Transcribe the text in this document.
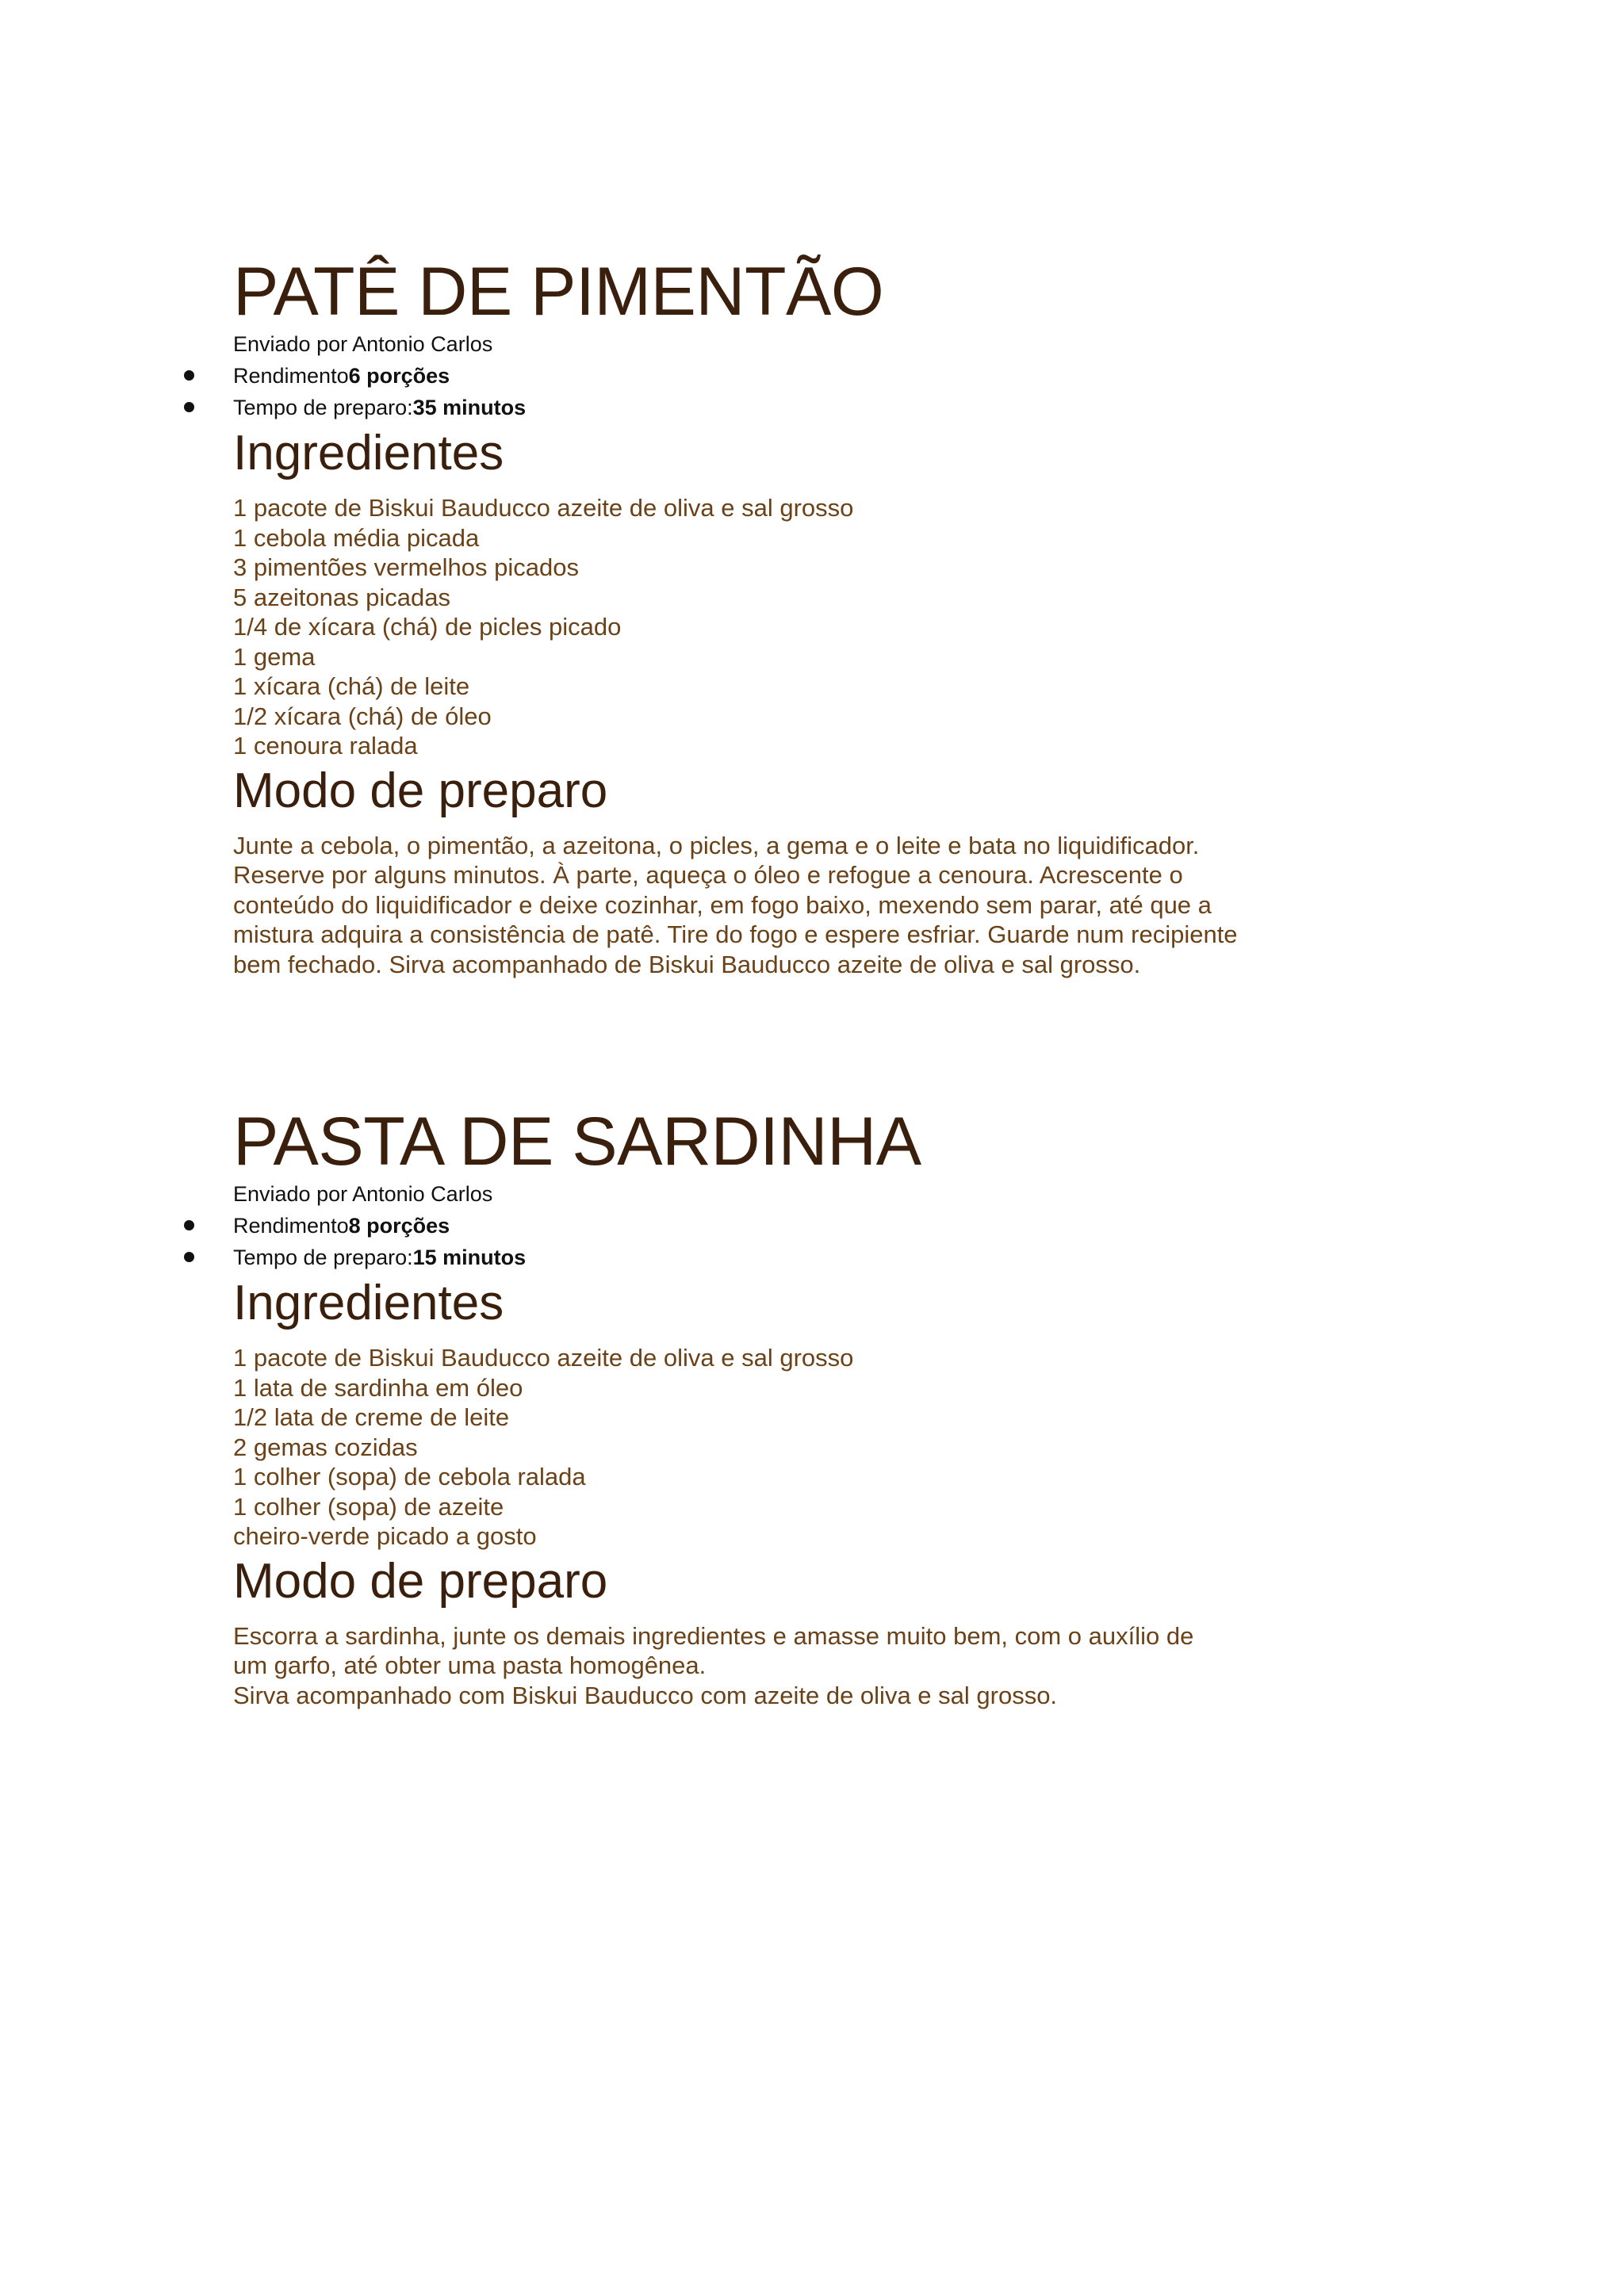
PATÊ DE PIMENTÃO

Enviado por Antonio Carlos

Rendimento6 porções
Tempo de preparo:35 minutos
Ingredientes
1 pacote de Biskui Bauducco azeite de oliva e sal grosso
1 cebola média picada
3 pimentões vermelhos picados
5 azeitonas picadas
1/4 de xícara (chá) de picles picado
1 gema
1 xícara (chá) de leite
1/2 xícara (chá) de óleo
1 cenoura ralada
Modo de preparo
Junte a cebola, o pimentão, a azeitona, o picles, a gema e o leite e bata no liquidificador.
Reserve por alguns minutos. À parte, aqueça o óleo e refogue a cenoura. Acrescente o
conteúdo do liquidificador e deixe cozinhar, em fogo baixo, mexendo sem parar, até que a
mistura adquira a consistência de patê. Tire do fogo e espere esfriar. Guarde num recipiente
bem fechado. Sirva acompanhado de Biskui Bauducco azeite de oliva e sal grosso.
PASTA DE SARDINHA

Enviado por Antonio Carlos

Rendimento8 porções
Tempo de preparo:15 minutos
Ingredientes
1 pacote de Biskui Bauducco azeite de oliva e sal grosso
1 lata de sardinha em óleo
1/2 lata de creme de leite
2 gemas cozidas
1 colher (sopa) de cebola ralada
1 colher (sopa) de azeite
cheiro-verde picado a gosto
Modo de preparo
Escorra a sardinha, junte os demais ingredientes e amasse muito bem, com o auxílio de
um garfo, até obter uma pasta homogênea.
Sirva acompanhado com Biskui Bauducco com azeite de oliva e sal grosso.
